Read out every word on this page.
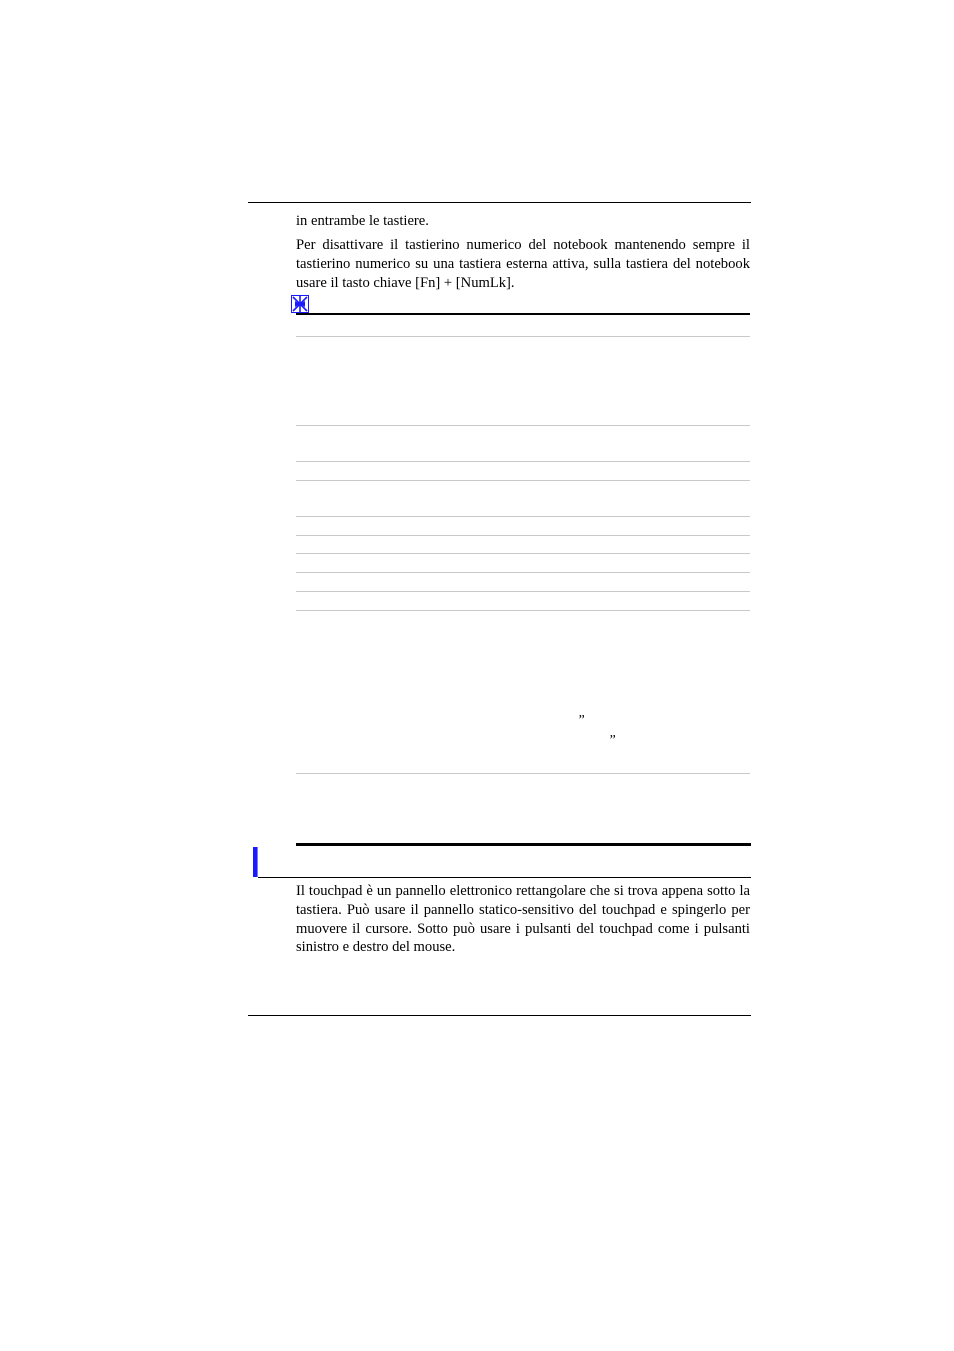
in entrambe le tastiere.

Per disattivare il tastierino numerico del notebook mantenendo sempre il tastierino numerico su una tastiera esterna attiva, sulla tastiera del notebook usare il tasto chiave [Fn] + [NumLk].

”
”

Il touchpad è un pannello elettronico rettangolare che si trova appena sotto la tastiera. Può usare il pannello statico-sensitivo del touchpad e spingerlo per muovere il cursore. Sotto può usare i pulsanti del touchpad come i pulsanti sinistro e destro del mouse.
